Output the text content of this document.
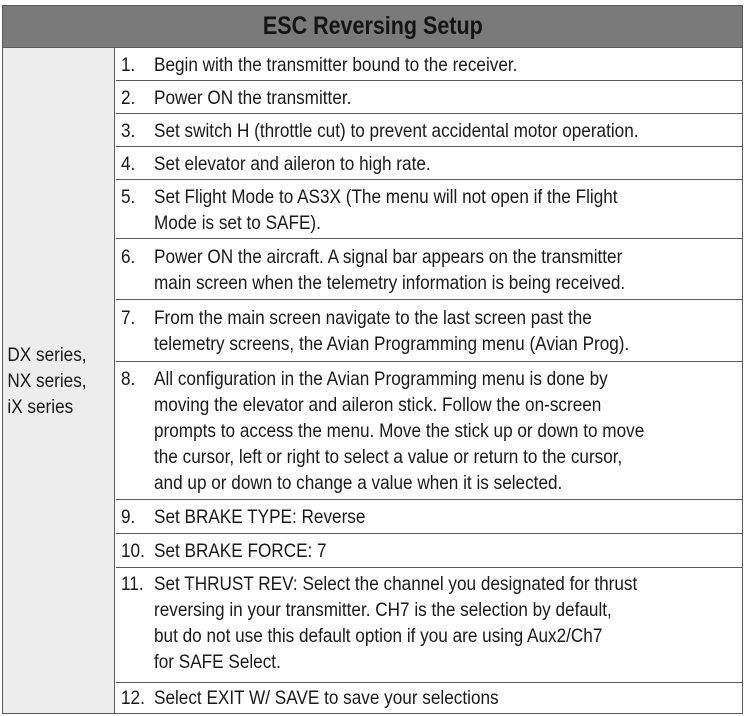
ESC Reversing Setup
DX series,
NX series,
iX series
1. Begin with the transmitter bound to the receiver.
2. Power ON the transmitter.
3. Set switch H (throttle cut) to prevent accidental motor operation.
4. Set elevator and aileron to high rate.
5. Set Flight Mode to AS3X (The menu will not open if the Flight
Mode is set to SAFE).
6. Power ON the aircraft. A signal bar appears on the transmitter
main screen when the telemetry information is being received.
7. From the main screen navigate to the last screen past the
telemetry screens, the Avian Programming menu (Avian Prog).
8. All configuration in the Avian Programming menu is done by
moving the elevator and aileron stick. Follow the on-screen
prompts to access the menu. Move the stick up or down to move
the cursor, left or right to select a value or return to the cursor,
and up or down to change a value when it is selected.
9. Set BRAKE TYPE: Reverse
10. Set BRAKE FORCE: 7
11. Set THRUST REV: Select the channel you designated for thrust
reversing in your transmitter. CH7 is the selection by default,
but do not use this default option if you are using Aux2/Ch7
for SAFE Select.
12. Select EXIT W/ SAVE to save your selections
